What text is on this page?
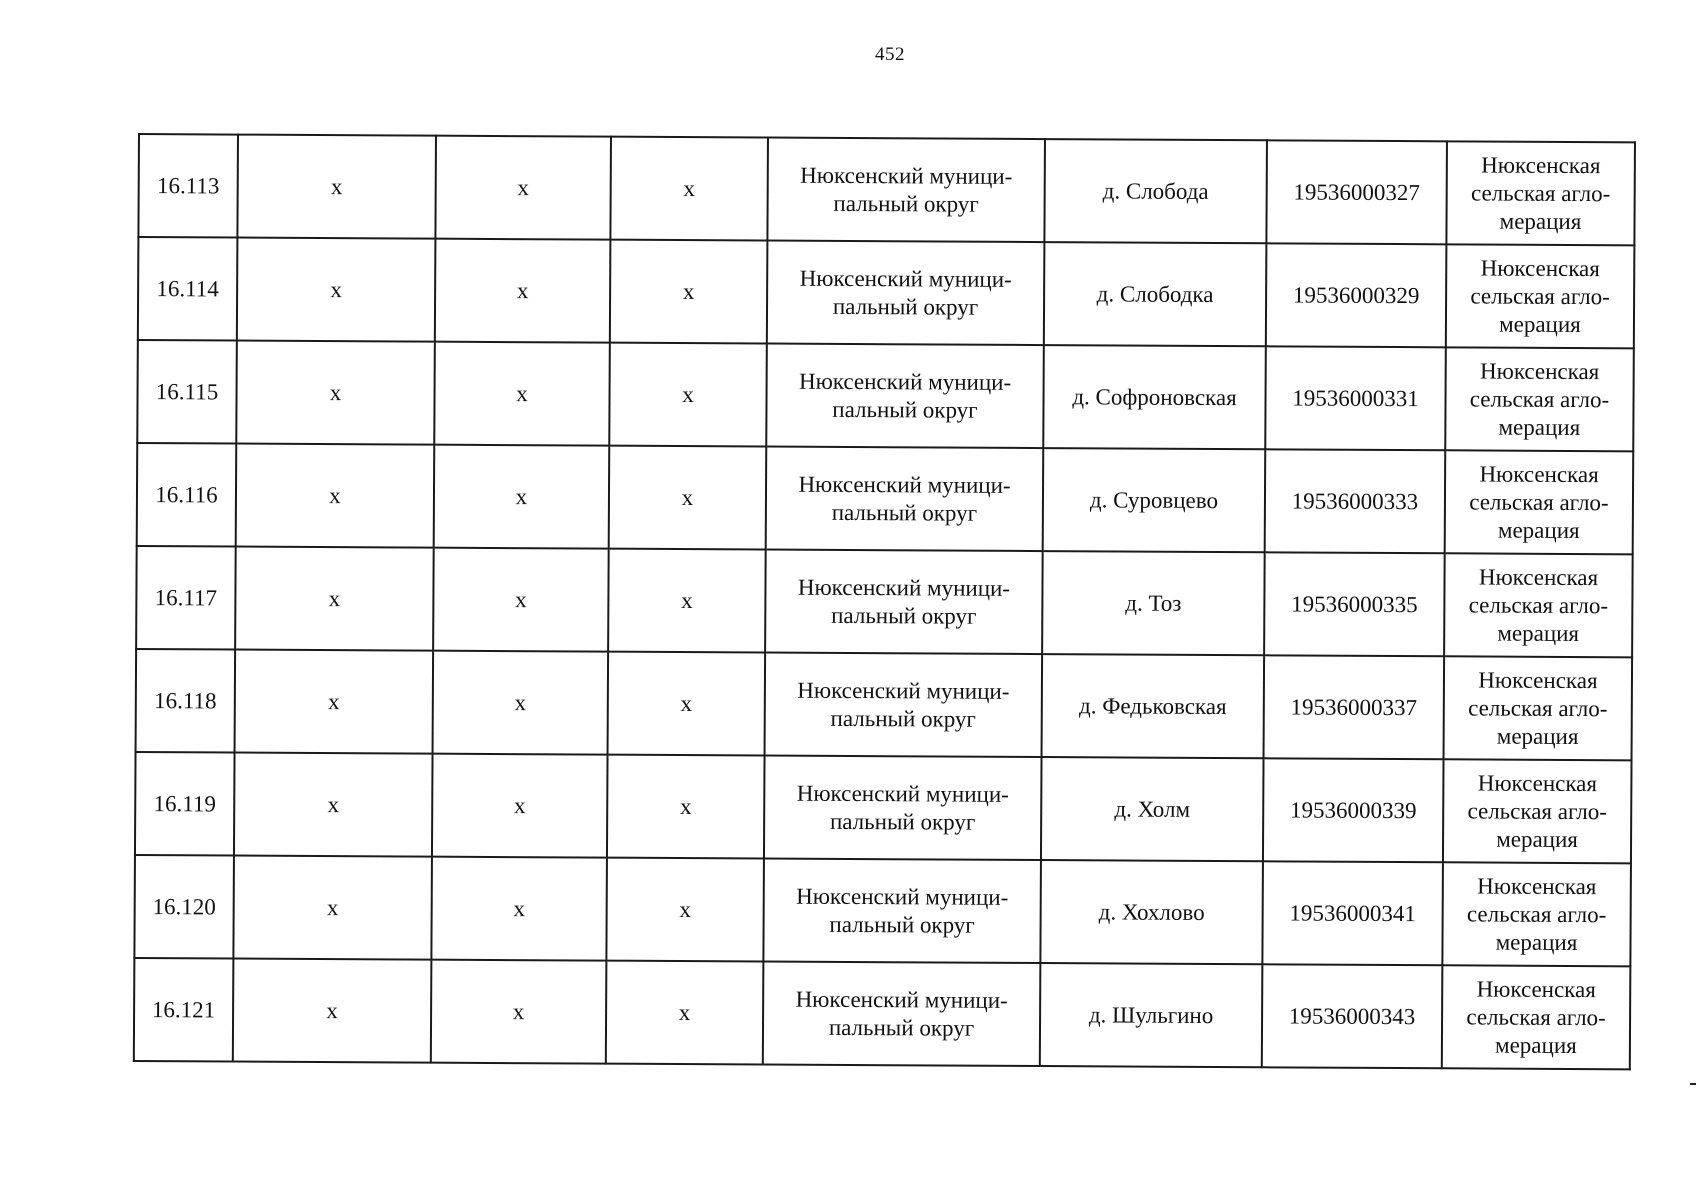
452
16.113	х	х	х	Нюксенский муници-
пальный округ	д. Слобода	19536000327	Нюксенская
сельская агло-
мерация
16.114	х	х	х	Нюксенский муници-
пальный округ	д. Слободка	19536000329	Нюксенская
сельская агло-
мерация
16.115	х	х	х	Нюксенский муници-
пальный округ	д. Софроновская	19536000331	Нюксенская
сельская агло-
мерация
16.116	х	х	х	Нюксенский муници-
пальный округ	д. Суровцево	19536000333	Нюксенская
сельская агло-
мерация
16.117	х	х	х	Нюксенский муници-
пальный округ	д. Тоз	19536000335	Нюксенская
сельская агло-
мерация
16.118	х	х	х	Нюксенский муници-
пальный округ	д. Федьковская	19536000337	Нюксенская
сельская агло-
мерация
16.119	х	х	х	Нюксенский муници-
пальный округ	д. Холм	19536000339	Нюксенская
сельская агло-
мерация
16.120	х	х	х	Нюксенский муници-
пальный округ	д. Хохлово	19536000341	Нюксенская
сельская агло-
мерация
16.121	х	х	х	Нюксенский муници-
пальный округ	д. Шульгино	19536000343	Нюксенская
сельская агло-
мерация
